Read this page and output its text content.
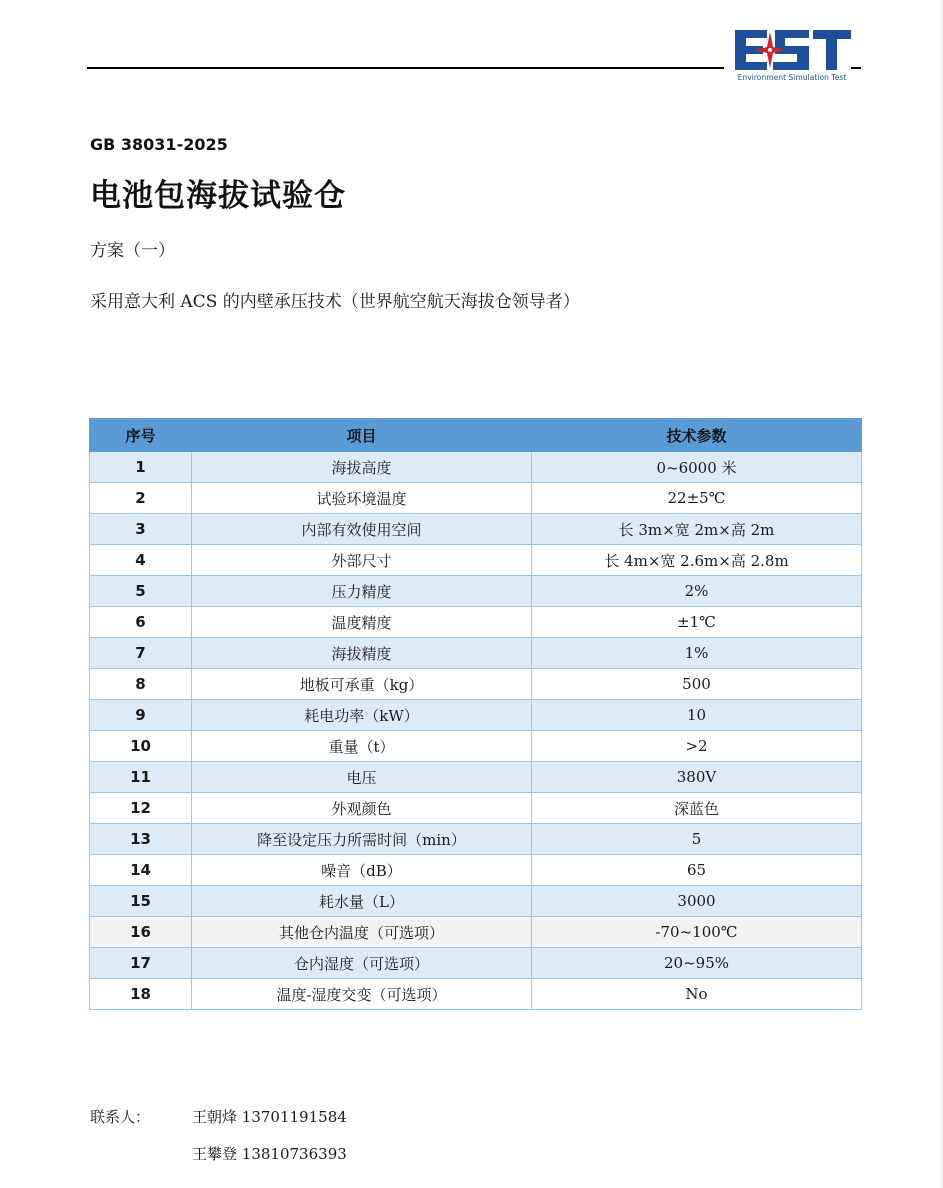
Environment Simulation Test
GB 38031-2025
电池包海拔试验仓
方案（一）
采用意大利 ACS 的内壁承压技术（世界航空航天海拔仓领导者）
序号	项目	技术参数
1	海拔高度	0~6000 米
2	试验环境温度	22±5℃
3	内部有效使用空间	长 3m×宽 2m×高 2m
4	外部尺寸	长 4m×宽 2.6m×高 2.8m
5	压力精度	2%
6	温度精度	±1℃
7	海拔精度	1%
8	地板可承重（kg）	500
9	耗电功率（kW）	10
10	重量（t）	>2
11	电压	380V
12	外观颜色	深蓝色
13	降至设定压力所需时间（min）	5
14	噪音（dB）	65
15	耗水量（L）	3000
16	其他仓内温度（可选项）	-70~100℃
17	仓内湿度（可选项）	20~95%
18	温度-湿度交变（可选项）	No
联系人：	王朝烽 13701191584
王攀登 13810736393
